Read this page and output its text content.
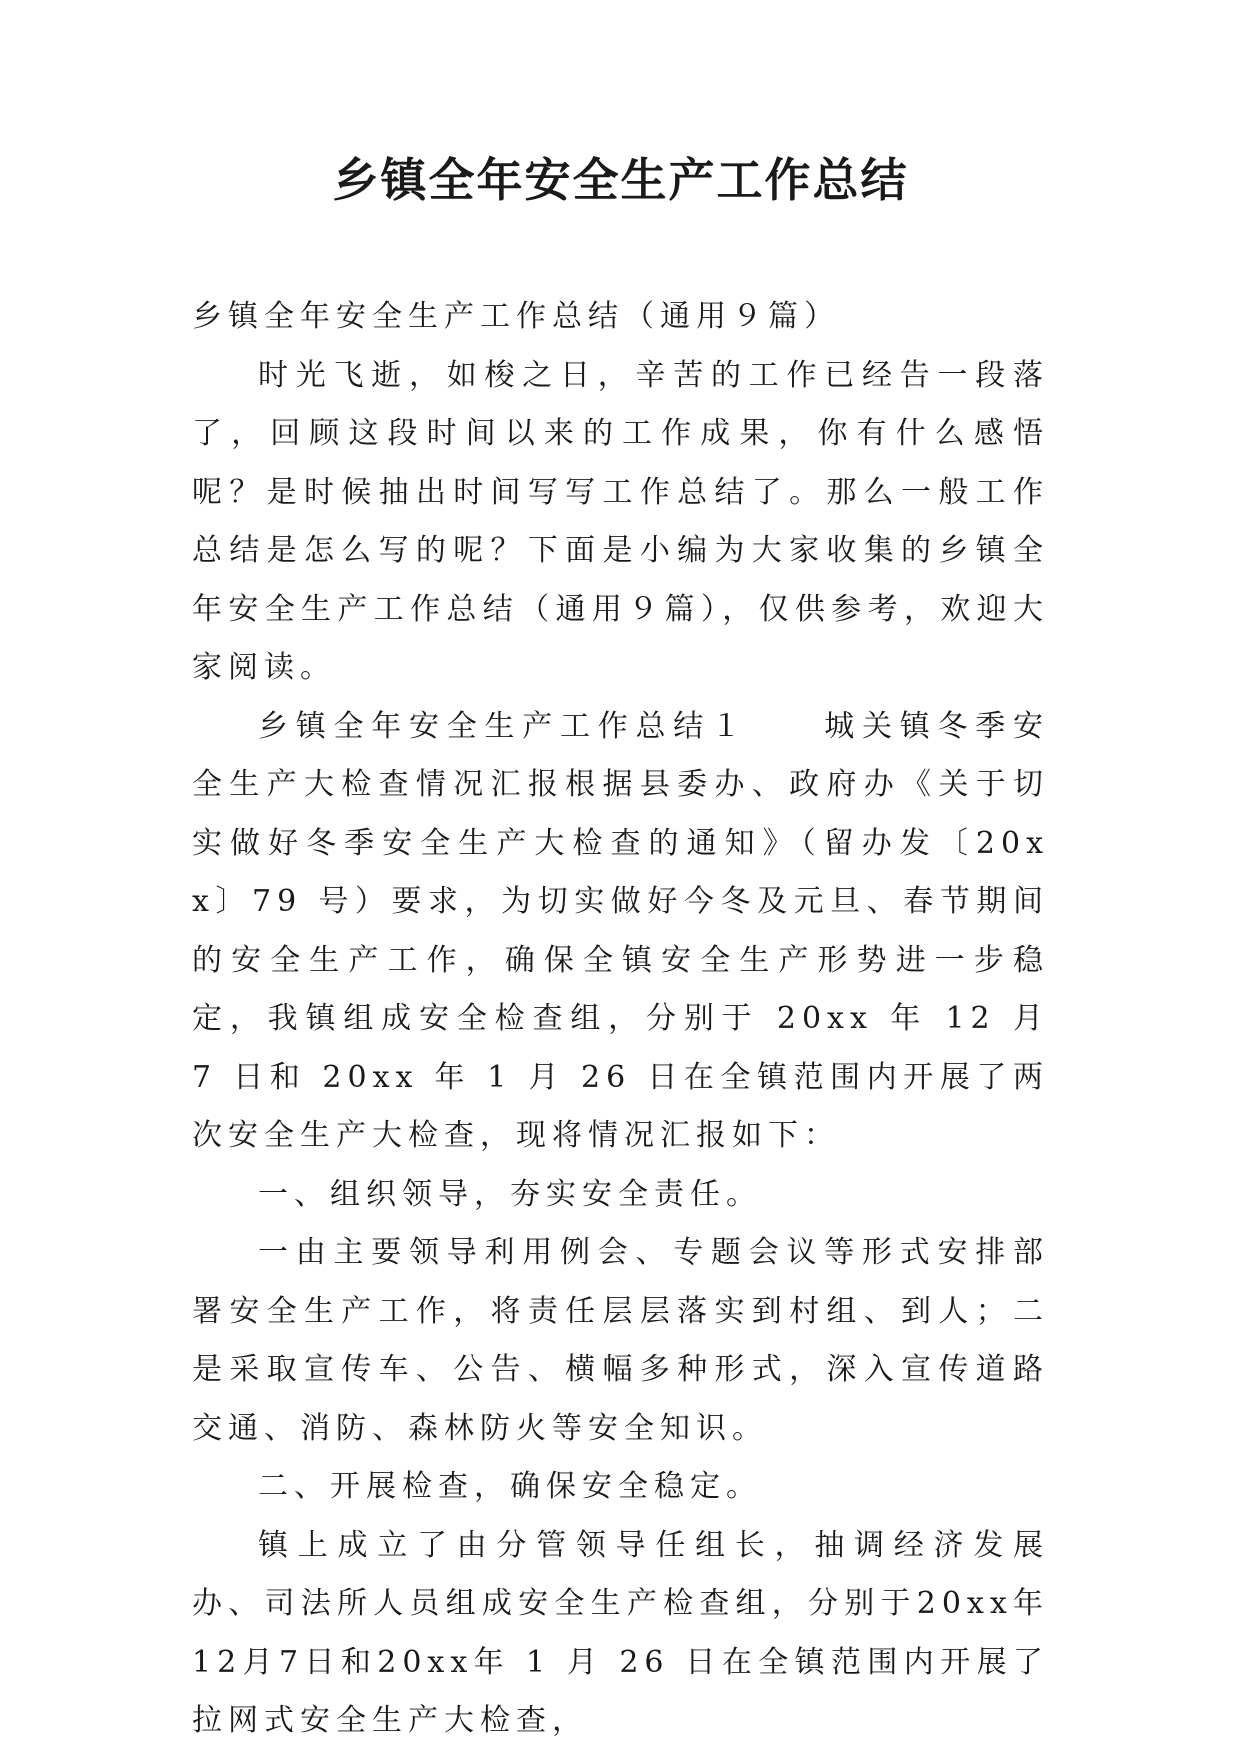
乡镇全年安全生产工作总结

乡镇全年安全生产工作总结（通用９篇）

时光飞逝，如梭之日，辛苦的工作已经告一段落了，回顾这段时间以来的工作成果，你有什么感悟呢？是时候抽出时间写写工作总结了。那么一般工作总结是怎么写的呢？下面是小编为大家收集的乡镇全年安全生产工作总结（通用９篇），仅供参考，欢迎大家阅读。

乡镇全年安全生产工作总结１　　城关镇冬季安全生产大检查情况汇报根据县委办、政府办《关于切实做好冬季安全生产大检查的通知》（留办发〔20xx〕79 号）要求，为切实做好今冬及元旦、春节期间的安全生产工作，确保全镇安全生产形势进一步稳定，我镇组成安全检查组，分别于 20xx 年 12 月 7 日和 20xx 年 1 月 26 日在全镇范围内开展了两次安全生产大检查，现将情况汇报如下：

一、组织领导，夯实安全责任。

一由主要领导利用例会、专题会议等形式安排部署安全生产工作，将责任层层落实到村组、到人；二是采取宣传车、公告、横幅多种形式，深入宣传道路交通、消防、森林防火等安全知识。

二、开展检查，确保安全稳定。

镇上成立了由分管领导任组长，抽调经济发展办、司法所人员组成安全生产检查组，分别于20xx年12月7日和20xx年 1 月 26 日在全镇范围内开展了拉网式安全生产大检查，
